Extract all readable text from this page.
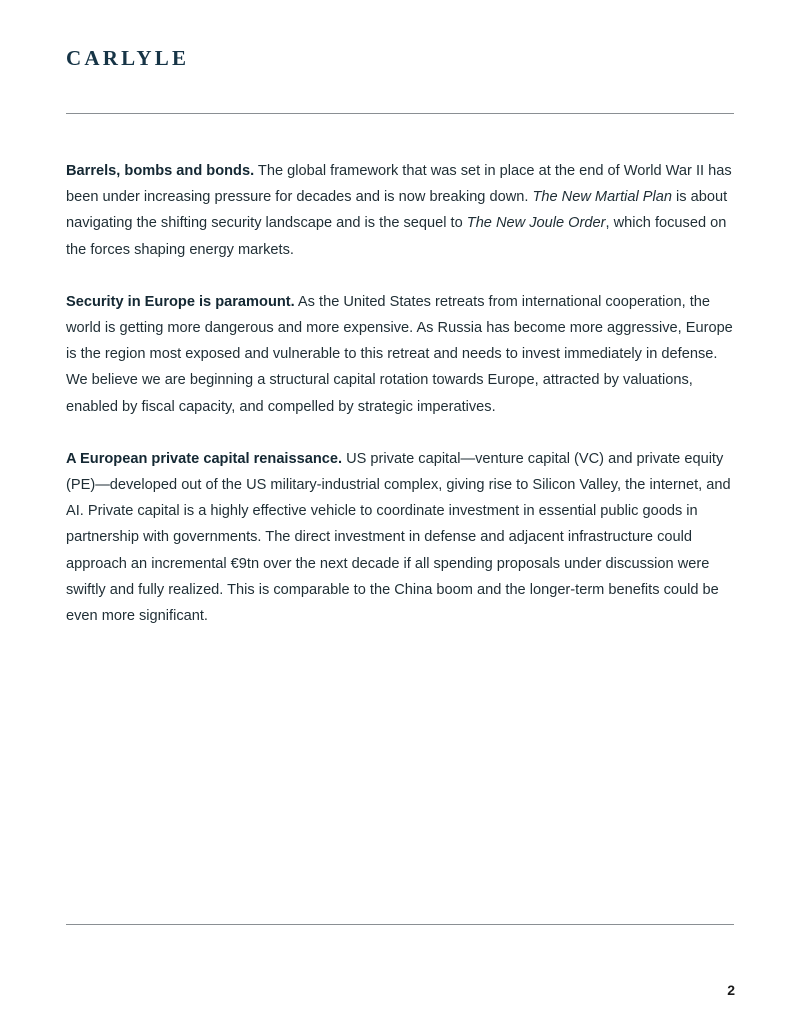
CARLYLE

Barrels, bombs and bonds. The global framework that was set in place at the end of World War II has been under increasing pressure for decades and is now breaking down. The New Martial Plan is about navigating the shifting security landscape and is the sequel to The New Joule Order, which focused on the forces shaping energy markets.

Security in Europe is paramount. As the United States retreats from international cooperation, the world is getting more dangerous and more expensive. As Russia has become more aggressive, Europe is the region most exposed and vulnerable to this retreat and needs to invest immediately in defense. We believe we are beginning a structural capital rotation towards Europe, attracted by valuations, enabled by fiscal capacity, and compelled by strategic imperatives.

A European private capital renaissance. US private capital—venture capital (VC) and private equity (PE)—developed out of the US military-industrial complex, giving rise to Silicon Valley, the internet, and AI. Private capital is a highly effective vehicle to coordinate investment in essential public goods in partnership with governments. The direct investment in defense and adjacent infrastructure could approach an incremental €9tn over the next decade if all spending proposals under discussion were swiftly and fully realized. This is comparable to the China boom and the longer-term benefits could be even more significant.

2
